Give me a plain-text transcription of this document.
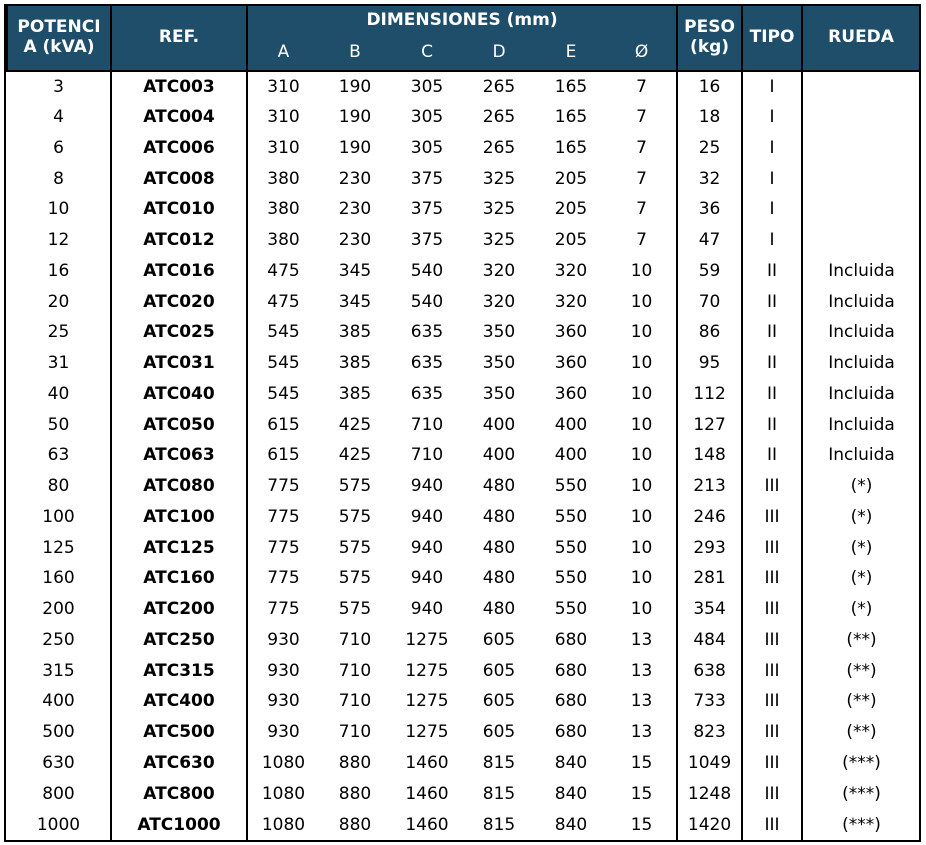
POTENCI A (kVA)	REF.	DIMENSIONES (mm)						PESO (kg)	TIPO	RUEDA
		A	B	C	D	E	Ø			
3	ATC003	310	190	305	265	165	7	16	I	
4	ATC004	310	190	305	265	165	7	18	I	
6	ATC006	310	190	305	265	165	7	25	I	
8	ATC008	380	230	375	325	205	7	32	I	
10	ATC010	380	230	375	325	205	7	36	I	
12	ATC012	380	230	375	325	205	7	47	I	
16	ATC016	475	345	540	320	320	10	59	II	Incluida
20	ATC020	475	345	540	320	320	10	70	II	Incluida
25	ATC025	545	385	635	350	360	10	86	II	Incluida
31	ATC031	545	385	635	350	360	10	95	II	Incluida
40	ATC040	545	385	635	350	360	10	112	II	Incluida
50	ATC050	615	425	710	400	400	10	127	II	Incluida
63	ATC063	615	425	710	400	400	10	148	II	Incluida
80	ATC080	775	575	940	480	550	10	213	III	(*)
100	ATC100	775	575	940	480	550	10	246	III	(*)
125	ATC125	775	575	940	480	550	10	293	III	(*)
160	ATC160	775	575	940	480	550	10	281	III	(*)
200	ATC200	775	575	940	480	550	10	354	III	(*)
250	ATC250	930	710	1275	605	680	13	484	III	(**)
315	ATC315	930	710	1275	605	680	13	638	III	(**)
400	ATC400	930	710	1275	605	680	13	733	III	(**)
500	ATC500	930	710	1275	605	680	13	823	III	(**)
630	ATC630	1080	880	1460	815	840	15	1049	III	(***)
800	ATC800	1080	880	1460	815	840	15	1248	III	(***)
1000	ATC1000	1080	880	1460	815	840	15	1420	III	(***)
